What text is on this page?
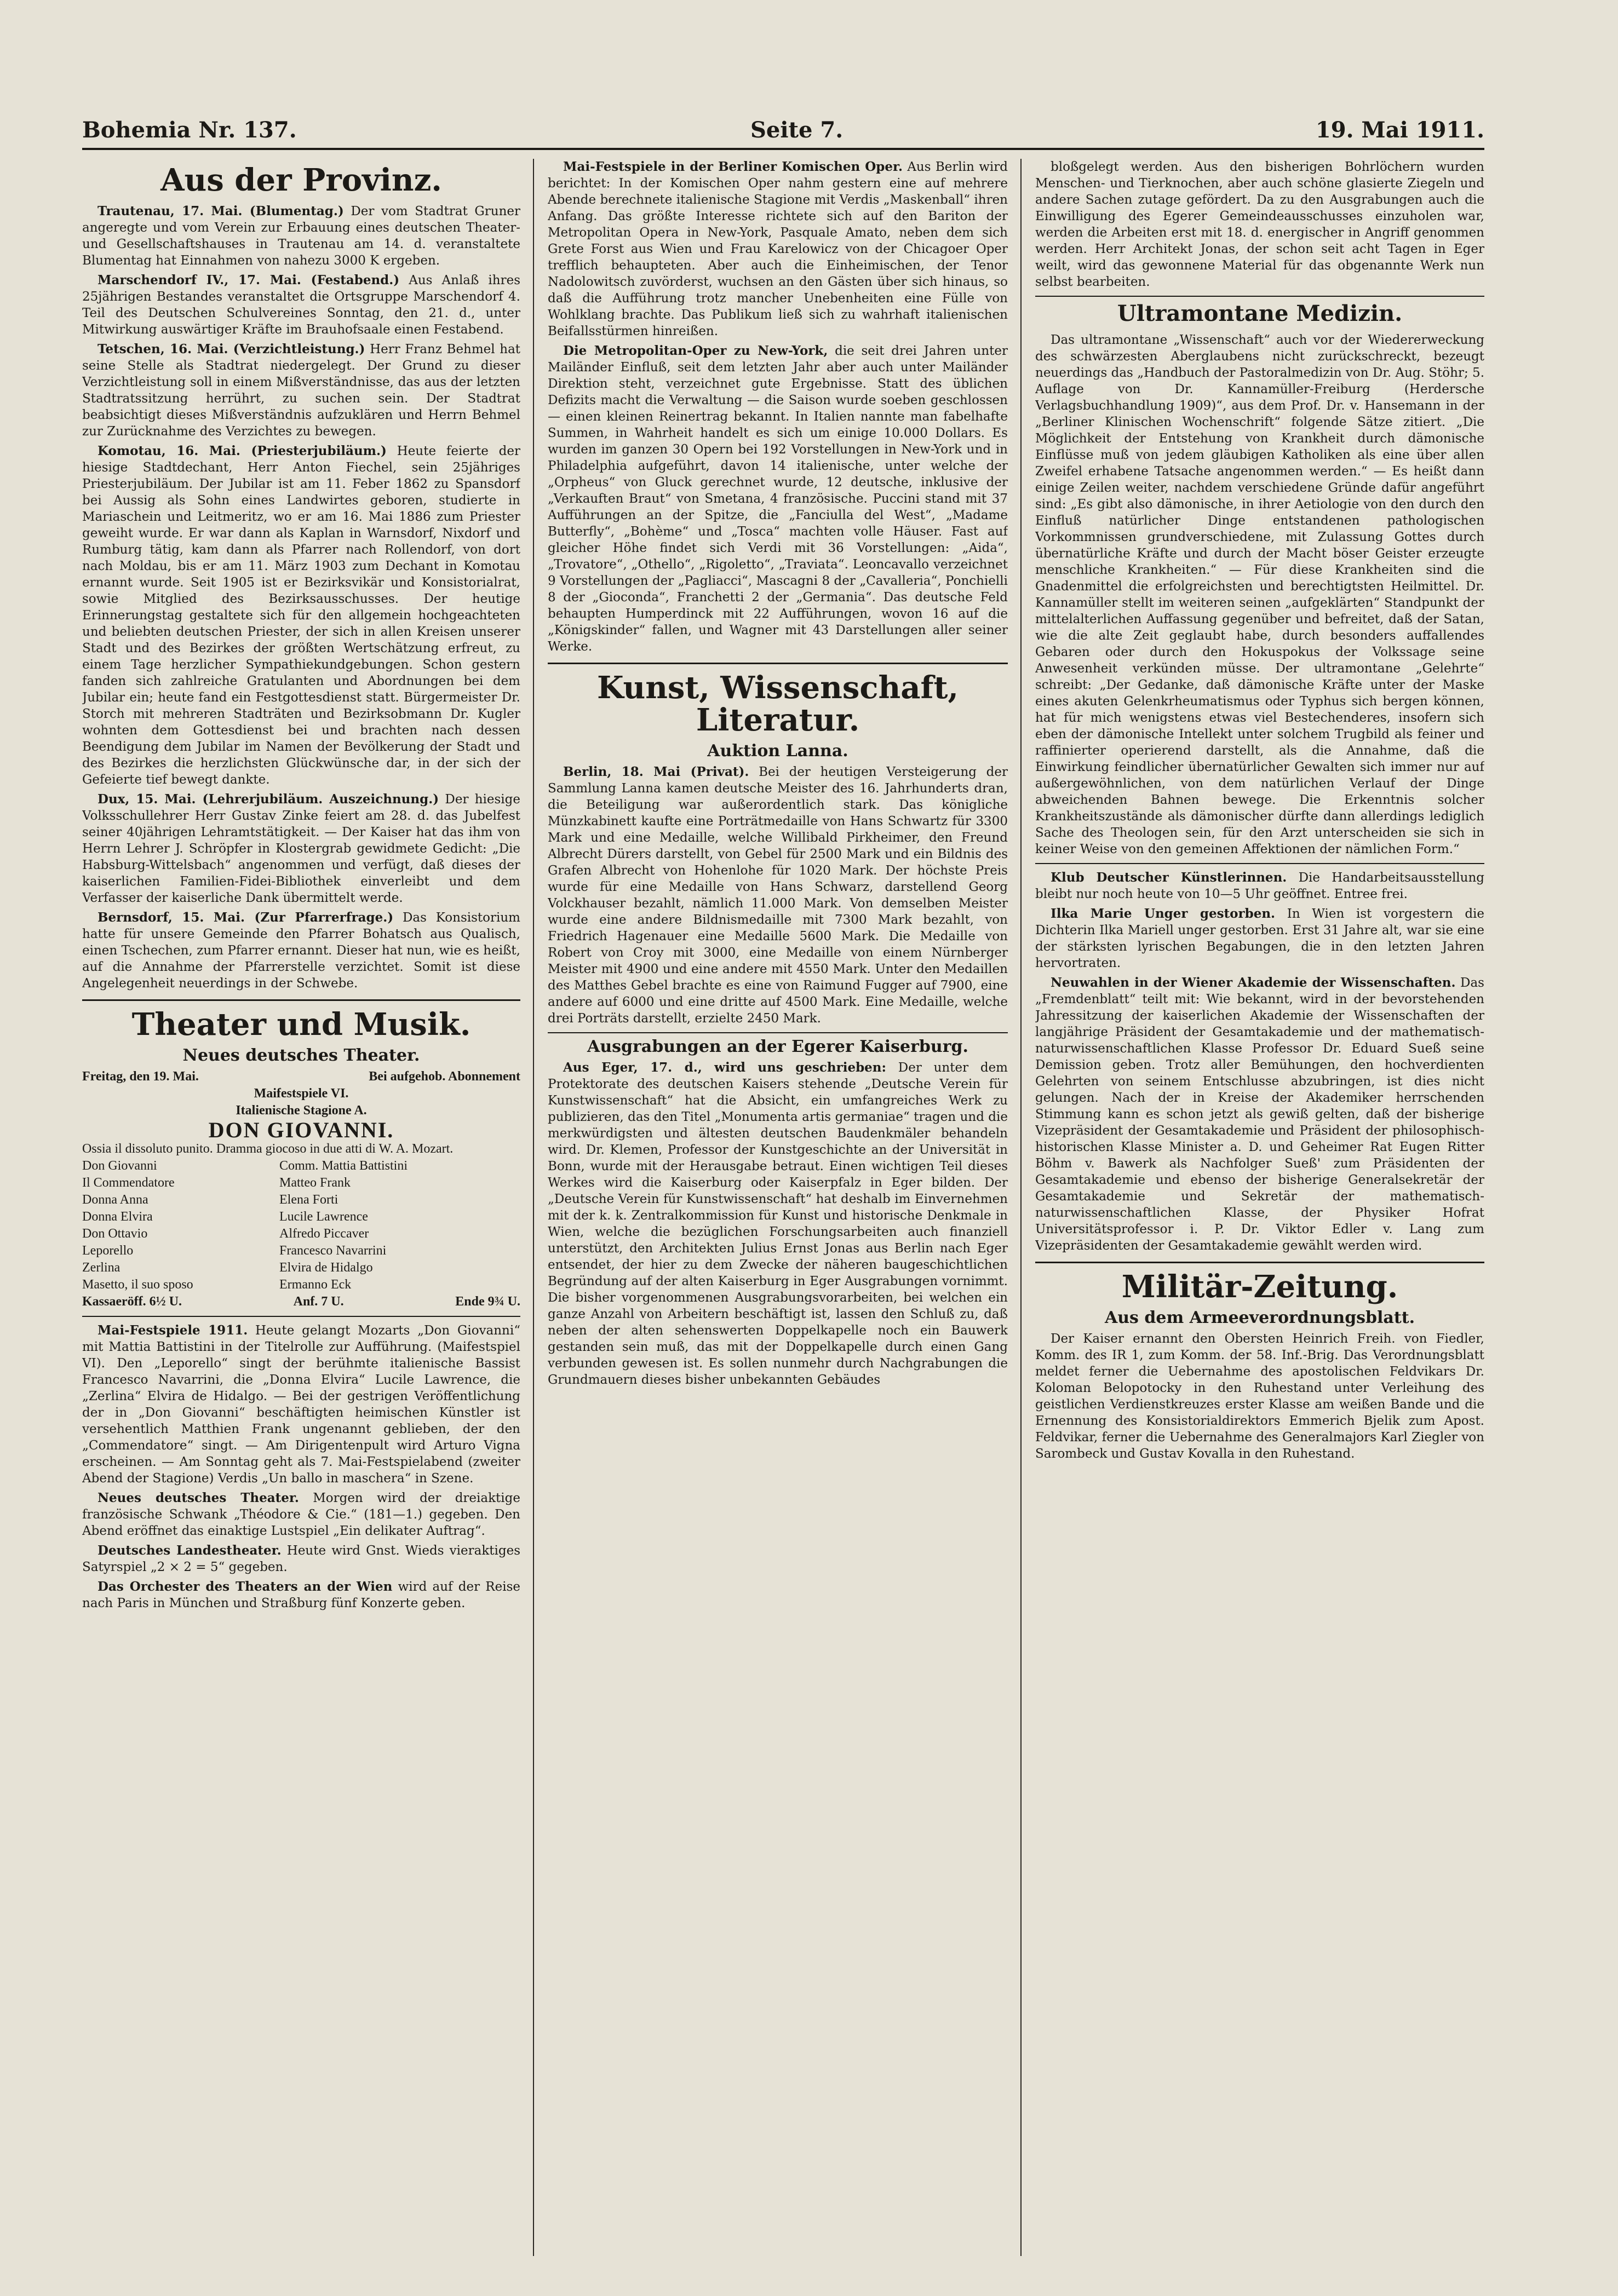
Bohemia Nr. 137.	Seite 7.	19. Mai 1911.
Aus der Provinz.

Trautenau, 17. Mai. (Blumentag.) Der vom Stadtrat Gruner angeregte und vom Verein zur Erbauung eines deutschen Theater- und Gesellschaftshauses in Trautenau am 14. d. veranstaltete Blumentag hat Einnahmen von nahezu 3000 K ergeben.

Marschendorf IV., 17. Mai. (Festabend.) Aus Anlaß ihres 25jährigen Bestandes veranstaltet die Ortsgruppe Marschendorf 4. Teil des Deutschen Schulvereines Sonntag, den 21. d., unter Mitwirkung auswärtiger Kräfte im Brauhofsaale einen Festabend.

Tetschen, 16. Mai. (Verzichtleistung.) Herr Franz Behmel hat seine Stelle als Stadtrat niedergelegt. Der Grund zu dieser Verzichtleistung soll in einem Mißverständnisse, das aus der letzten Stadtratssitzung herrührt, zu suchen sein. Der Stadtrat beabsichtigt dieses Mißverständnis aufzuklären und Herrn Behmel zur Zurücknahme des Verzichtes zu bewegen.

Komotau, 16. Mai. (Priesterjubiläum.) Heute feierte der hiesige Stadtdechant, Herr Anton Fiechel, sein 25jähriges Priesterjubiläum. Der Jubilar ist am 11. Feber 1862 zu Spansdorf bei Aussig als Sohn eines Landwirtes geboren, studierte in Mariaschein und Leitmeritz, wo er am 16. Mai 1886 zum Priester geweiht wurde. Er war dann als Kaplan in Warnsdorf, Nixdorf und Rumburg tätig, kam dann als Pfarrer nach Rollendorf, von dort nach Moldau, bis er am 11. März 1903 zum Dechant in Komotau ernannt wurde. Seit 1905 ist er Bezirksvikär und Konsistorialrat, sowie Mitglied des Bezirksausschusses. Der heutige Erinnerungstag gestaltete sich für den allgemein hochgeachteten und beliebten deutschen Priester, der sich in allen Kreisen unserer Stadt und des Bezirkes der größten Wertschätzung erfreut, zu einem Tage herzlicher Sympathiekundgebungen. Schon gestern fanden sich zahlreiche Gratulanten und Abordnungen bei dem Jubilar ein; heute fand ein Festgottesdienst statt. Bürgermeister Dr. Storch mit mehreren Stadträten und Bezirksobmann Dr. Kugler wohnten dem Gottesdienst bei und brachten nach dessen Beendigung dem Jubilar im Namen der Bevölkerung der Stadt und des Bezirkes die herzlichsten Glückwünsche dar, in der sich der Gefeierte tief bewegt dankte.

Dux, 15. Mai. (Lehrerjubiläum. Auszeichnung.) Der hiesige Volksschullehrer Herr Gustav Zinke feiert am 28. d. das Jubelfest seiner 40jährigen Lehramtstätigkeit. — Der Kaiser hat das ihm von Herrn Lehrer J. Schröpfer in Klostergrab gewidmete Gedicht: „Die Habsburg-Wittelsbach“ angenommen und verfügt, daß dieses der kaiserlichen Familien-Fidei-Bibliothek einverleibt und dem Verfasser der kaiserliche Dank übermittelt werde.

Bernsdorf, 15. Mai. (Zur Pfarrerfrage.) Das Konsistorium hatte für unsere Gemeinde den Pfarrer Bohatsch aus Qualisch, einen Tschechen, zum Pfarrer ernannt. Dieser hat nun, wie es heißt, auf die Annahme der Pfarrerstelle verzichtet. Somit ist diese Angelegenheit neuerdings in der Schwebe.

Theater und Musik.
Neues deutsches Theater.
Freitag, den 19. Mai.	Bei aufgehob. Abonnement
Maifestspiele VI.
Italienische Stagione A.
DON GIOVANNI.
Ossia il dissoluto punito. Dramma giocoso in due atti di W. A. Mozart.
Don Giovanni	Comm. Mattia Battistini
Il Commendatore	Matteo Frank
Donna Anna	Elena Forti
Donna Elvira	Lucile Lawrence
Don Ottavio	Alfredo Piccaver
Leporello	Francesco Navarrini
Zerlina	Elvira de Hidalgo
Masetto, il suo sposo	Ermanno Eck
Kassaeröff. 6½ U.	Anf. 7 U.	Ende 9¾ U.

Mai-Festspiele 1911. Heute gelangt Mozarts „Don Giovanni“ mit Mattia Battistini in der Titelrolle zur Aufführung. (Maifestspiel VI). Den „Leporello“ singt der berühmte italienische Bassist Francesco Navarrini, die „Donna Elvira“ Lucile Lawrence, die „Zerlina“ Elvira de Hidalgo. — Bei der gestrigen Veröffentlichung der in „Don Giovanni“ beschäftigten heimischen Künstler ist versehentlich Matthien Frank ungenannt geblieben, der den „Commendatore“ singt. — Am Dirigentenpult wird Arturo Vigna erscheinen. — Am Sonntag geht als 7. Mai-Festspielabend (zweiter Abend der Stagione) Verdis „Un ballo in maschera“ in Szene.

Neues deutsches Theater. Morgen wird der dreiaktige französische Schwank „Théodore & Cie.“ (181—1.) gegeben. Den Abend eröffnet das einaktige Lustspiel „Ein delikater Auftrag“.

Deutsches Landestheater. Heute wird Gnst. Wieds vieraktiges Satyrspiel „2 × 2 = 5“ gegeben.

Das Orchester des Theaters an der Wien wird auf der Reise nach Paris in München und Straßburg fünf Konzerte geben.

Mai-Festspiele in der Berliner Komischen Oper. Aus Berlin wird berichtet: In der Komischen Oper nahm gestern eine auf mehrere Abende berechnete italienische Stagione mit Verdis „Maskenball“ ihren Anfang. Das größte Interesse richtete sich auf den Bariton der Metropolitan Opera in New-York, Pasquale Amato, neben dem sich Grete Forst aus Wien und Frau Karelowicz von der Chicagoer Oper trefflich behaupteten. Aber auch die Einheimischen, der Tenor Nadolowitsch zuvörderst, wuchsen an den Gästen über sich hinaus, so daß die Aufführung trotz mancher Unebenheiten eine Fülle von Wohlklang brachte. Das Publikum ließ sich zu wahrhaft italienischen Beifallsstürmen hinreißen.

Die Metropolitan-Oper zu New-York, die seit drei Jahren unter Mailänder Einfluß, seit dem letzten Jahr aber auch unter Mailänder Direktion steht, verzeichnet gute Ergebnisse. Statt des üblichen Defizits macht die Verwaltung — die Saison wurde soeben geschlossen — einen kleinen Reinertrag bekannt. In Italien nannte man fabelhafte Summen, in Wahrheit handelt es sich um einige 10.000 Dollars. Es wurden im ganzen 30 Opern bei 192 Vorstellungen in New-York und in Philadelphia aufgeführt, davon 14 italienische, unter welche der „Orpheus“ von Gluck gerechnet wurde, 12 deutsche, inklusive der „Verkauften Braut“ von Smetana, 4 französische. Puccini stand mit 37 Aufführungen an der Spitze, die „Fanciulla del West“, „Madame Butterfly“, „Bohème“ und „Tosca“ machten volle Häuser. Fast auf gleicher Höhe findet sich Verdi mit 36 Vorstellungen: „Aida“, „Trovatore“, „Othello“, „Rigoletto“, „Traviata“. Leoncavallo verzeichnet 9 Vorstellungen der „Pagliacci“, Mascagni 8 der „Cavalleria“, Ponchielli 8 der „Gioconda“, Franchetti 2 der „Germania“. Das deutsche Feld behaupten Humperdinck mit 22 Aufführungen, wovon 16 auf die „Königskinder“ fallen, und Wagner mit 43 Darstellungen aller seiner Werke.

Kunst, Wissenschaft, Literatur.
Auktion Lanna.

Berlin, 18. Mai (Privat). Bei der heutigen Versteigerung der Sammlung Lanna kamen deutsche Meister des 16. Jahrhunderts dran, die Beteiligung war außerordentlich stark. Das königliche Münzkabinett kaufte eine Porträtmedaille von Hans Schwartz für 3300 Mark und eine Medaille, welche Willibald Pirkheimer, den Freund Albrecht Dürers darstellt, von Gebel für 2500 Mark und ein Bildnis des Grafen Albrecht von Hohenlohe für 1020 Mark. Der höchste Preis wurde für eine Medaille von Hans Schwarz, darstellend Georg Volckhauser bezahlt, nämlich 11.000 Mark. Von demselben Meister wurde eine andere Bildnismedaille mit 7300 Mark bezahlt, von Friedrich Hagenauer eine Medaille 5600 Mark. Die Medaille von Robert von Croy mit 3000, eine Medaille von einem Nürnberger Meister mit 4900 und eine andere mit 4550 Mark. Unter den Medaillen des Matthes Gebel brachte es eine von Raimund Fugger auf 7900, eine andere auf 6000 und eine dritte auf 4500 Mark. Eine Medaille, welche drei Porträts darstellt, erzielte 2450 Mark.

Ausgrabungen an der Egerer Kaiserburg.

Aus Eger, 17. d., wird uns geschrieben: Der unter dem Protektorate des deutschen Kaisers stehende „Deutsche Verein für Kunstwissenschaft“ hat die Absicht, ein umfangreiches Werk zu publizieren, das den Titel „Monumenta artis germaniae“ tragen und die merkwürdigsten und ältesten deutschen Baudenkmäler behandeln wird. Dr. Klemen, Professor der Kunstgeschichte an der Universität in Bonn, wurde mit der Herausgabe betraut. Einen wichtigen Teil dieses Werkes wird die Kaiserburg oder Kaiserpfalz in Eger bilden. Der „Deutsche Verein für Kunstwissenschaft“ hat deshalb im Einvernehmen mit der k. k. Zentralkommission für Kunst und historische Denkmale in Wien, welche die bezüglichen Forschungsarbeiten auch finanziell unterstützt, den Architekten Julius Ernst Jonas aus Berlin nach Eger entsendet, der hier zu dem Zwecke der näheren baugeschichtlichen Begründung auf der alten Kaiserburg in Eger Ausgrabungen vornimmt. Die bisher vorgenommenen Ausgrabungsvorarbeiten, bei welchen ein ganze Anzahl von Arbeitern beschäftigt ist, lassen den Schluß zu, daß neben der alten sehenswerten Doppelkapelle noch ein Bauwerk gestanden sein muß, das mit der Doppelkapelle durch einen Gang verbunden gewesen ist. Es sollen nunmehr durch Nachgrabungen die Grundmauern dieses bisher unbekannten Gebäudes

bloßgelegt werden. Aus den bisherigen Bohrlöchern wurden Menschen- und Tierknochen, aber auch schöne glasierte Ziegeln und andere Sachen zutage gefördert. Da zu den Ausgrabungen auch die Einwilligung des Egerer Gemeindeausschusses einzuholen war, werden die Arbeiten erst mit 18. d. energischer in Angriff genommen werden. Herr Architekt Jonas, der schon seit acht Tagen in Eger weilt, wird das gewonnene Material für das obgenannte Werk nun selbst bearbeiten.

Ultramontane Medizin.

Das ultramontane „Wissenschaft“ auch vor der Wiedererweckung des schwärzesten Aberglaubens nicht zurückschreckt, bezeugt neuerdings das „Handbuch der Pastoralmedizin von Dr. Aug. Stöhr; 5. Auflage von Dr. Kannamüller-Freiburg (Herdersche Verlagsbuchhandlung 1909)“, aus dem Prof. Dr. v. Hansemann in der „Berliner Klinischen Wochenschrift“ folgende Sätze zitiert. „Die Möglichkeit der Entstehung von Krankheit durch dämonische Einflüsse muß von jedem gläubigen Katholiken als eine über allen Zweifel erhabene Tatsache angenommen werden.“ — Es heißt dann einige Zeilen weiter, nachdem verschiedene Gründe dafür angeführt sind: „Es gibt also dämonische, in ihrer Aetiologie von den durch den Einfluß natürlicher Dinge entstandenen pathologischen Vorkommnissen grundverschiedene, mit Zulassung Gottes durch übernatürliche Kräfte und durch der Macht böser Geister erzeugte menschliche Krankheiten.“ — Für diese Krankheiten sind die Gnadenmittel die erfolgreichsten und berechtigtsten Heilmittel. Dr. Kannamüller stellt im weiteren seinen „aufgeklärten“ Standpunkt der mittelalterlichen Auffassung gegenüber und befreitet, daß der Satan, wie die alte Zeit geglaubt habe, durch besonders auffallendes Gebaren oder durch den Hokuspokus der Volkssage seine Anwesenheit verkünden müsse. Der ultramontane „Gelehrte“ schreibt: „Der Gedanke, daß dämonische Kräfte unter der Maske eines akuten Gelenkrheumatismus oder Typhus sich bergen können, hat für mich wenigstens etwas viel Bestechenderes, insofern sich eben der dämonische Intellekt unter solchem Trugbild als feiner und raffinierter operierend darstellt, als die Annahme, daß die Einwirkung feindlicher übernatürlicher Gewalten sich immer nur auf außergewöhnlichen, von dem natürlichen Verlauf der Dinge abweichenden Bahnen bewege. Die Erkenntnis solcher Krankheitszustände als dämonischer dürfte dann allerdings lediglich Sache des Theologen sein, für den Arzt unterscheiden sie sich in keiner Weise von den gemeinen Affektionen der nämlichen Form.“

Klub Deutscher Künstlerinnen. Die Handarbeitsausstellung bleibt nur noch heute von 10—5 Uhr geöffnet. Entree frei.

Ilka Marie Unger gestorben. In Wien ist vorgestern die Dichterin Ilka Mariell unger gestorben. Erst 31 Jahre alt, war sie eine der stärksten lyrischen Begabungen, die in den letzten Jahren hervortraten.

Neuwahlen in der Wiener Akademie der Wissenschaften. Das „Fremdenblatt“ teilt mit: Wie bekannt, wird in der bevorstehenden Jahressitzung der kaiserlichen Akademie der Wissenschaften der langjährige Präsident der Gesamtakademie und der mathematisch-naturwissenschaftlichen Klasse Professor Dr. Eduard Sueß seine Demission geben. Trotz aller Bemühungen, den hochverdienten Gelehrten von seinem Entschlusse abzubringen, ist dies nicht gelungen. Nach der in Kreise der Akademiker herrschenden Stimmung kann es schon jetzt als gewiß gelten, daß der bisherige Vizepräsident der Gesamtakademie und Präsident der philosophisch-historischen Klasse Minister a. D. und Geheimer Rat Eugen Ritter Böhm v. Bawerk als Nachfolger Sueß' zum Präsidenten der Gesamtakademie und ebenso der bisherige Generalsekretär der Gesamtakademie und Sekretär der mathematisch-naturwissenschaftlichen Klasse, der Physiker Hofrat Universitätsprofessor i. P. Dr. Viktor Edler v. Lang zum Vizepräsidenten der Gesamtakademie gewählt werden wird.

Militär-Zeitung.
Aus dem Armeeverordnungsblatt.

Der Kaiser ernannt den Obersten Heinrich Freih. von Fiedler, Komm. des IR 1, zum Komm. der 58. Inf.-Brig. Das Verordnungsblatt meldet ferner die Uebernahme des apostolischen Feldvikars Dr. Koloman Belopotocky in den Ruhestand unter Verleihung des geistlichen Verdienstkreuzes erster Klasse am weißen Bande und die Ernennung des Konsistorialdirektors Emmerich Bjelik zum Apost. Feldvikar, ferner die Uebernahme des Generalmajors Karl Ziegler von Sarombeck und Gustav Kovalla in den Ruhestand.
